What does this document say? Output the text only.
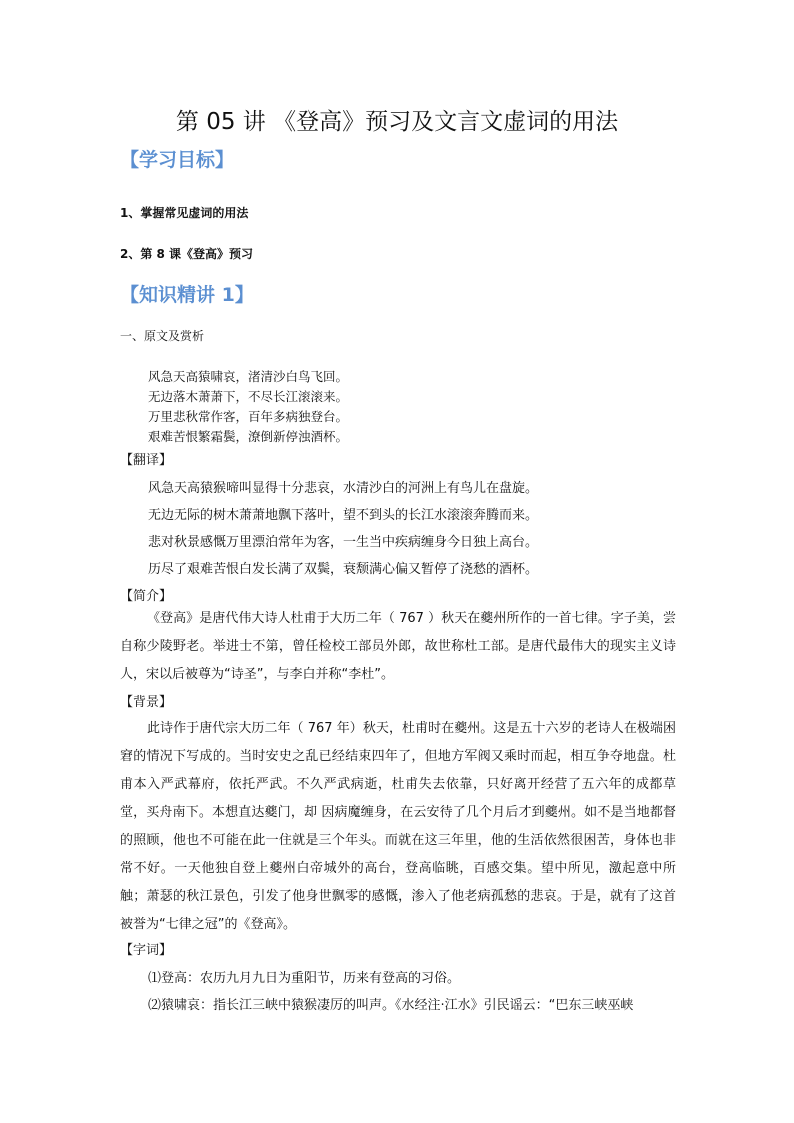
第 05 讲 《登高》预习及文言文虚词的用法
【学习目标】
1、掌握常见虚词的用法
2、第 8 课《登高》预习
【知识精讲 1】
一、原文及赏析
风急天高猿啸哀，渚清沙白鸟飞回。
无边落木萧萧下，不尽长江滚滚来。
万里悲秋常作客，百年多病独登台。
艰难苦恨繁霜鬓，潦倒新停浊酒杯。
【翻译】
风急天高猿猴啼叫显得十分悲哀，水清沙白的河洲上有鸟儿在盘旋。
无边无际的树木萧萧地飘下落叶，望不到头的长江水滚滚奔腾而来。
悲对秋景感慨万里漂泊常年为客，一生当中疾病缠身今日独上高台。
历尽了艰难苦恨白发长满了双鬓，衰颓满心偏又暂停了浇愁的酒杯。
【简介】

《登高》是唐代伟大诗人杜甫于大历二年（ 767 ）秋天在夔州所作的一首七律。字子美，尝自称少陵野老。举进士不第，曾任检校工部员外郎，故世称杜工部。是唐代最伟大的现实主义诗人，宋以后被尊为“诗圣”，与李白并称“李杜”。

【背景】

此诗作于唐代宗大历二年（ 767 年）秋天，杜甫时在夔州。这是五十六岁的老诗人在极端困窘的情况下写成的。当时安史之乱已经结束四年了，但地方军阀又乘时而起，相互争夺地盘。杜甫本入严武幕府，依托严武。不久严武病逝，杜甫失去依靠，只好离开经营了五六年的成都草堂，买舟南下。本想直达夔门，却 因病魔缠身，在云安待了几个月后才到夔州。如不是当地都督的照顾，他也不可能在此一住就是三个年头。而就在这三年里，他的生活依然很困苦，身体也非常不好。一天他独自登上夔州白帝城外的高台，登高临眺，百感交集。望中所见，激起意中所触；萧瑟的秋江景色，引发了他身世飘零的感慨，渗入了他老病孤愁的悲哀。于是，就有了这首被誉为“七律之冠”的《登高》。

【字词】
⑴登高：农历九月九日为重阳节，历来有登高的习俗。
⑵猿啸哀：指长江三峡中猿猴凄厉的叫声。《水经注·江水》引民谣云：“巴东三峡巫峡
